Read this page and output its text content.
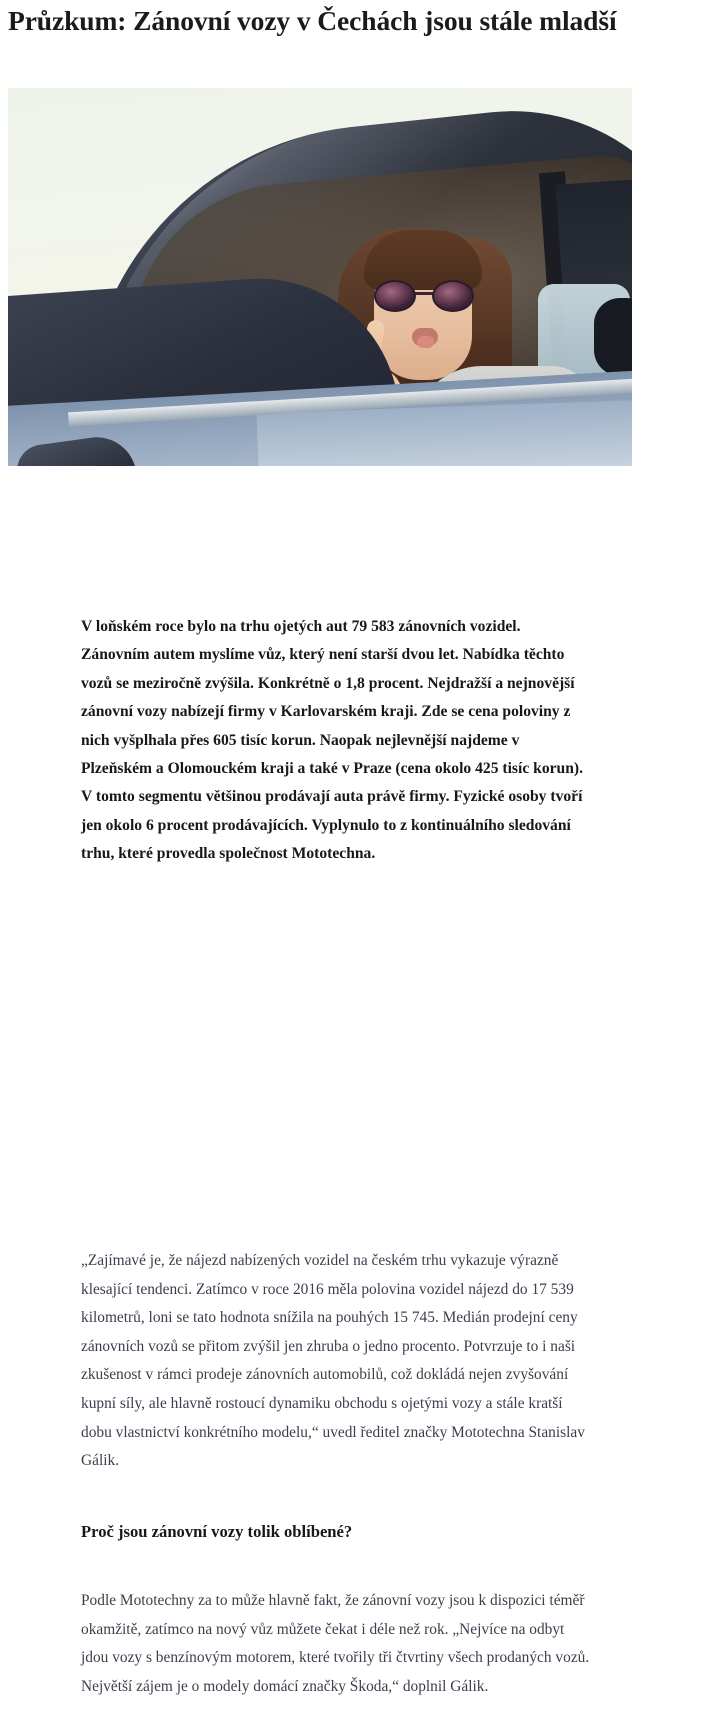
Průzkum: Zánovní vozy v Čechách jsou stále mladší

V loňském roce bylo na trhu ojetých aut 79 583 zánovních vozidel. Zánovním autem myslíme vůz, který není starší dvou let. Nabídka těchto vozů se meziročně zvýšila. Konkrétně o 1,8 procent. Nejdražší a nejnovější zánovní vozy nabízejí firmy v Karlovarském kraji. Zde se cena poloviny z nich vyšplhala přes 605 tisíc korun. Naopak nejlevnější najdeme v Plzeňském a Olomouckém kraji a také v Praze (cena okolo 425 tisíc korun). V tomto segmentu většinou prodávají auta právě firmy. Fyzické osoby tvoří jen okolo 6 procent prodávajících. Vyplynulo to z kontinuálního sledování trhu, které provedla společnost Mototechna.

„Zajímavé je, že nájezd nabízených vozidel na českém trhu vykazuje výrazně klesající tendenci. Zatímco v roce 2016 měla polovina vozidel nájezd do 17 539 kilometrů, loni se tato hodnota snížila na pouhých 15 745. Medián prodejní ceny zánovních vozů se přitom zvýšil jen zhruba o jedno procento. Potvrzuje to i naši zkušenost v rámci prodeje zánovních automobilů, což dokládá nejen zvyšování kupní síly, ale hlavně rostoucí dynamiku obchodu s ojetými vozy a stále kratší dobu vlastnictví konkrétního modelu,“ uvedl ředitel značky Mototechna Stanislav Gálik.

Proč jsou zánovní vozy tolik oblíbené?

Podle Mototechny za to může hlavně fakt, že zánovní vozy jsou k dispozici téměř okamžitě, zatímco na nový vůz můžete čekat i déle než rok. „Nejvíce na odbyt jdou vozy s benzínovým motorem, které tvořily tři čtvrtiny všech prodaných vozů. Největší zájem je o modely domácí značky Škoda,“ doplnil Gálik.
